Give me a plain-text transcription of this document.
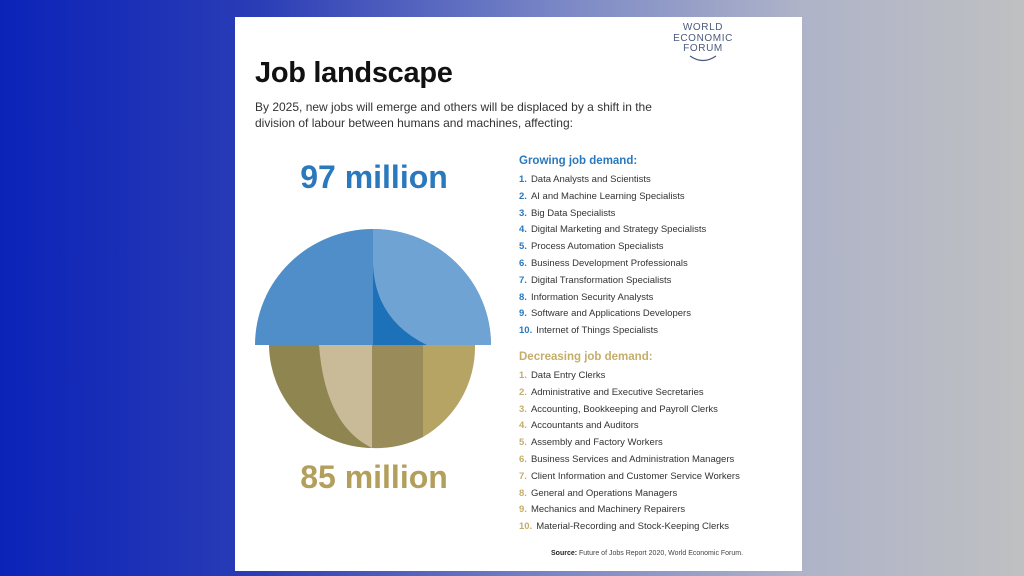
WORLD
ECONOMIC
FORUM
Job landscape

By 2025, new jobs will emerge and others will be displaced by a shift in the division of labour between humans and machines, affecting:

97 million
85 million
Growing job demand:
1. Data Analysts and Scientists
2. AI and Machine Learning Specialists
3. Big Data Specialists
4. Digital Marketing and Strategy Specialists
5. Process Automation Specialists
6. Business Development Professionals
7. Digital Transformation Specialists
8. Information Security Analysts
9. Software and Applications Developers
10. Internet of Things Specialists
Decreasing job demand:
1. Data Entry Clerks
2. Administrative and Executive Secretaries
3. Accounting, Bookkeeping and Payroll Clerks
4. Accountants and Auditors
5. Assembly and Factory Workers
6. Business Services and Administration Managers
7. Client Information and Customer Service Workers
8. General and Operations Managers
9. Mechanics and Machinery Repairers
10. Material-Recording and Stock-Keeping Clerks

Source: Future of Jobs Report 2020, World Economic Forum.
